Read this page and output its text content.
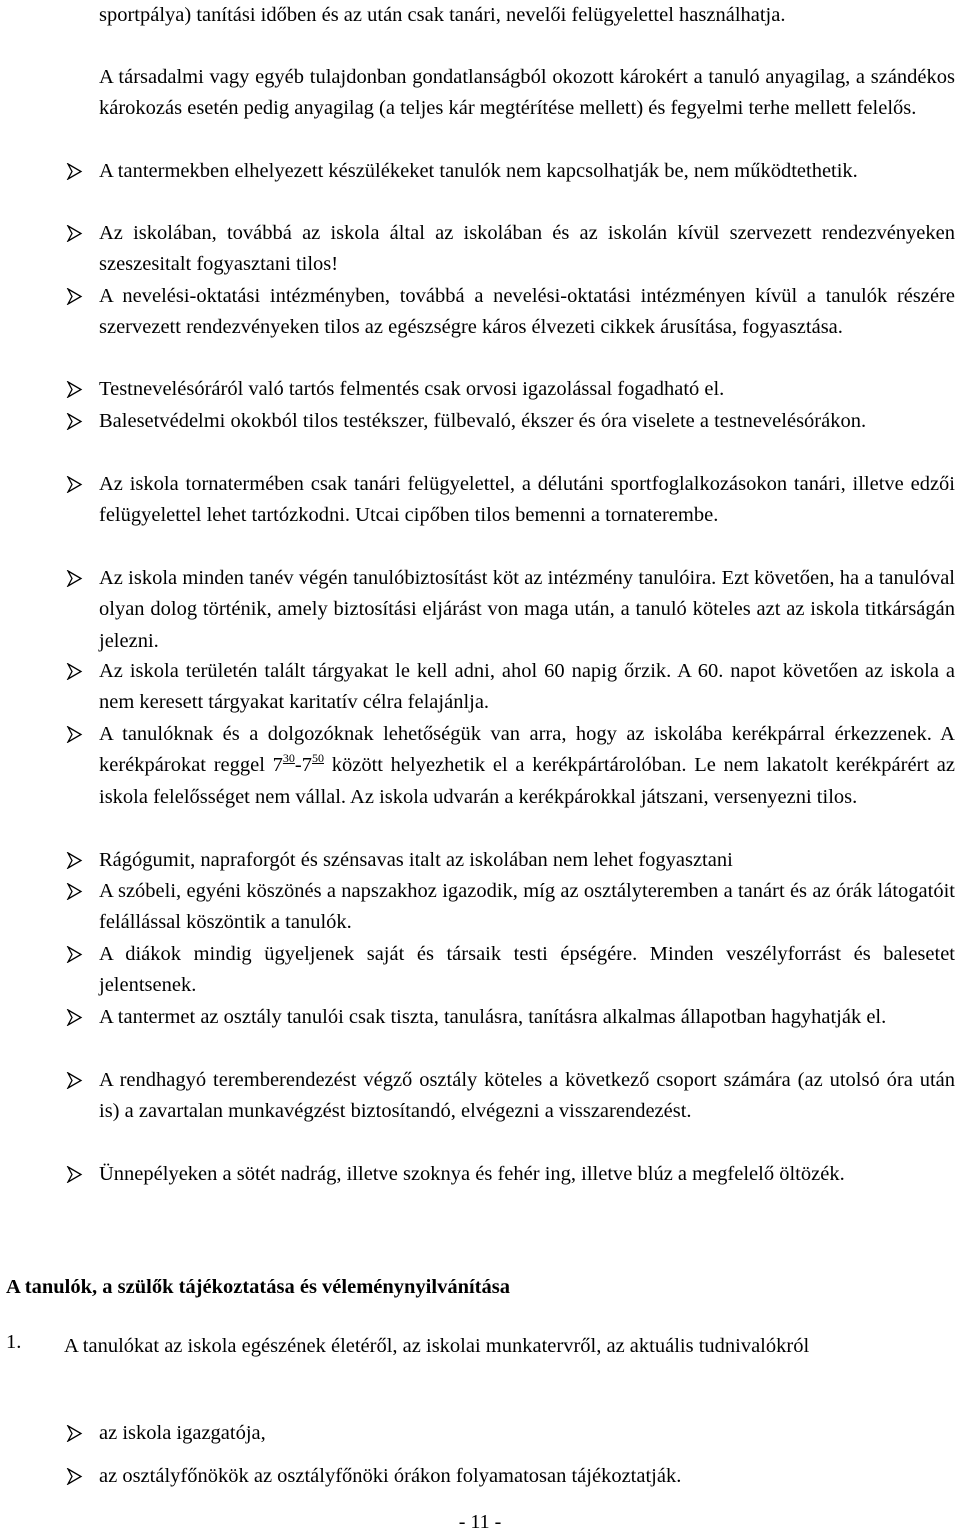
sportpálya) tanítási időben és az után csak tanári, nevelői felügyelettel használhatja.

A társadalmi vagy egyéb tulajdonban gondatlanságból okozott károkért a tanuló anyagilag, a szándékos károkozás esetén pedig anyagilag (a teljes kár megtérítése mellett) és fegyelmi terhe mellett felelős.

A tantermekben elhelyezett készülékeket tanulók nem kapcsolhatják be, nem működtethetik.
Az iskolában, továbbá az iskola által az iskolában és az iskolán kívül szervezett rendezvényeken szeszesitalt fogyasztani tilos!
A nevelési-oktatási intézményben, továbbá a nevelési-oktatási intézményen kívül a tanulók részére szervezett rendezvényeken tilos az egészségre káros élvezeti cikkek árusítása, fogyasztása.
Testnevelésóráról való tartós felmentés csak orvosi igazolással fogadható el.
Balesetvédelmi okokból tilos testékszer, fülbevaló, ékszer és óra viselete a testnevelésórákon.
Az iskola tornatermében csak tanári felügyelettel, a délutáni sportfoglalkozásokon tanári, illetve edzői felügyelettel lehet tartózkodni. Utcai cipőben tilos bemenni a tornaterembe.
Az iskola minden tanév végén tanulóbiztosítást köt az intézmény tanulóira. Ezt követően, ha a tanulóval olyan dolog történik, amely biztosítási eljárást von maga után, a tanuló köteles azt az iskola titkárságán jelezni.
Az iskola területén talált tárgyakat le kell adni, ahol 60 napig őrzik. A 60. napot követően az iskola a nem keresett tárgyakat karitatív célra felajánlja.
A tanulóknak és a dolgozóknak lehetőségük van arra, hogy az iskolába kerékpárral érkezzenek. A kerékpárokat reggel $7^{30}-7^{50}$ között helyezhetik el a kerékpártárolóban. Le nem lakatolt kerékpárért az iskola felelősséget nem vállal. Az iskola udvarán a kerékpárokkal játszani, versenyezni tilos.
Rágógumit, napraforgót és szénsavas italt az iskolában nem lehet fogyasztani
A szóbeli, egyéni köszönés a napszakhoz igazodik, míg az osztályteremben a tanárt és az órák látogatóit felállással köszöntik a tanulók.
A diákok mindig ügyeljenek saját és társaik testi épségére. Minden veszélyforrást és balesetet jelentsenek.
A tantermet az osztály tanulói csak tiszta, tanulásra, tanításra alkalmas állapotban hagyhatják el.
A rendhagyó teremberendezést végző osztály köteles a következő csoport számára (az utolsó óra után is) a zavartalan munkavégzést biztosítandó, elvégezni a visszarendezést.
Ünnepélyeken a sötét nadrág, illetve szoknya és fehér ing, illetve blúz a megfelelő öltözék.
A tanulók, a szülők tájékoztatása és véleménynyilvánítása
1. A tanulókat az iskola egészének életéről, az iskolai munkatervről, az aktuális tudnivalókról
az iskola igazgatója,
az osztályfőnökök az osztályfőnöki órákon folyamatosan tájékoztatják.
- 11 -
